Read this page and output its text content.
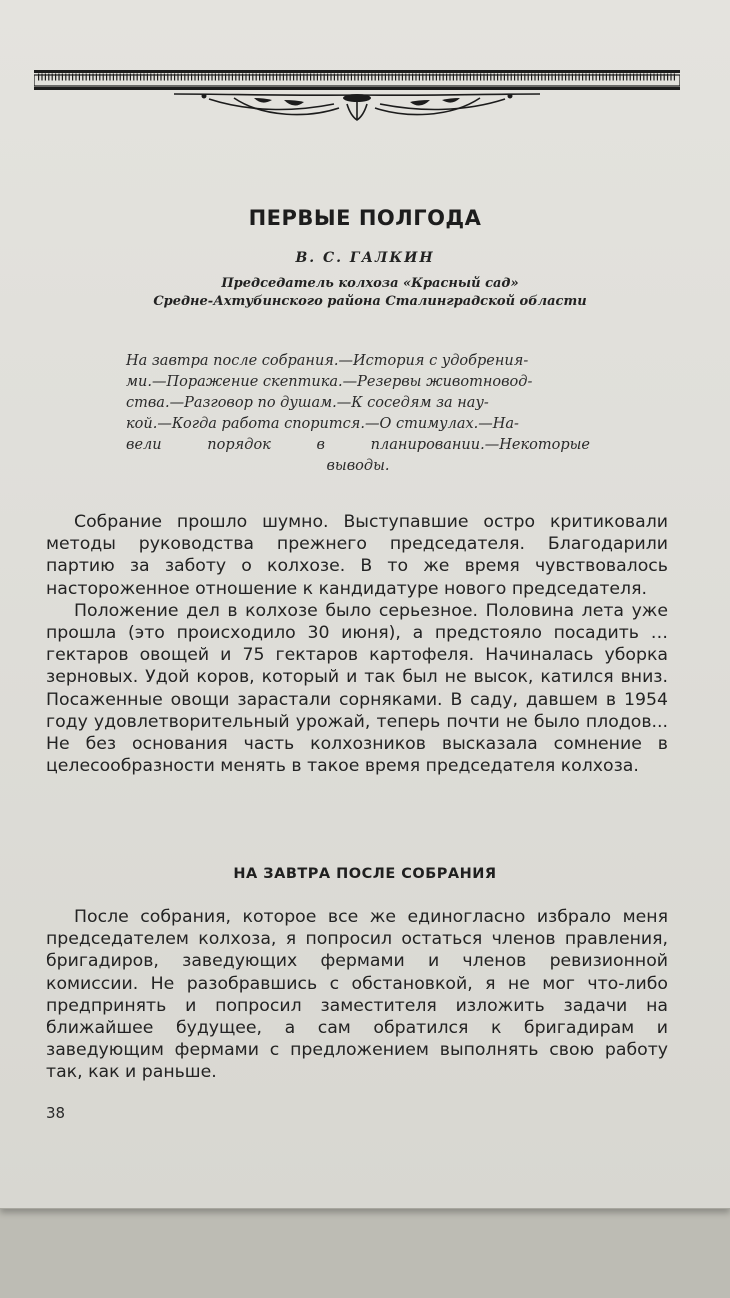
ПЕРВЫЕ ПОЛГОДА
В. С. ГАЛКИН
Председатель колхоза «Красный сад»
Средне-Ахтубинского района Сталинградской области
На завтра после собрания.—История с удобрения-
ми.—Поражение скептика.—Резервы животновод-
ства.—Разговор по душам.—К соседям за нау-
кой.—Когда работа спорится.—О стимулах.—На-
вели порядок в планировании.—Некоторые
выводы.

Собрание прошло шумно. Выступавшие остро критиковали методы руководства прежнего председателя. Благодарили партию за заботу о колхозе. В то же время чувствовалось настороженное отношение к кандидатуре нового председателя.

Положение дел в колхозе было серьезное. Половина лета уже прошла (это происходило 30 июня), а предстояло посадить … гектаров овощей и 75 гектаров картофеля. Начиналась уборка зерновых. Удой коров, который и так был не высок, катился вниз. Посаженные овощи зарастали сорняками. В саду, давшем в 1954 году удовлетворительный урожай, теперь почти не было плодов... Не без основания часть колхозников высказала сомнение в целесообразности менять в такое время председателя колхоза.

НА ЗАВТРА ПОСЛЕ СОБРАНИЯ

После собрания, которое все же единогласно избрало меня председателем колхоза, я попросил остаться членов правления, бригадиров, заведующих фермами и членов ревизионной комиссии. Не разобравшись с обстановкой, я не мог что-либо предпринять и попросил заместителя изложить задачи на ближайшее будущее, а сам обратился к бригадирам и заведующим фермами с предложением выполнять свою работу так, как и раньше.

38
